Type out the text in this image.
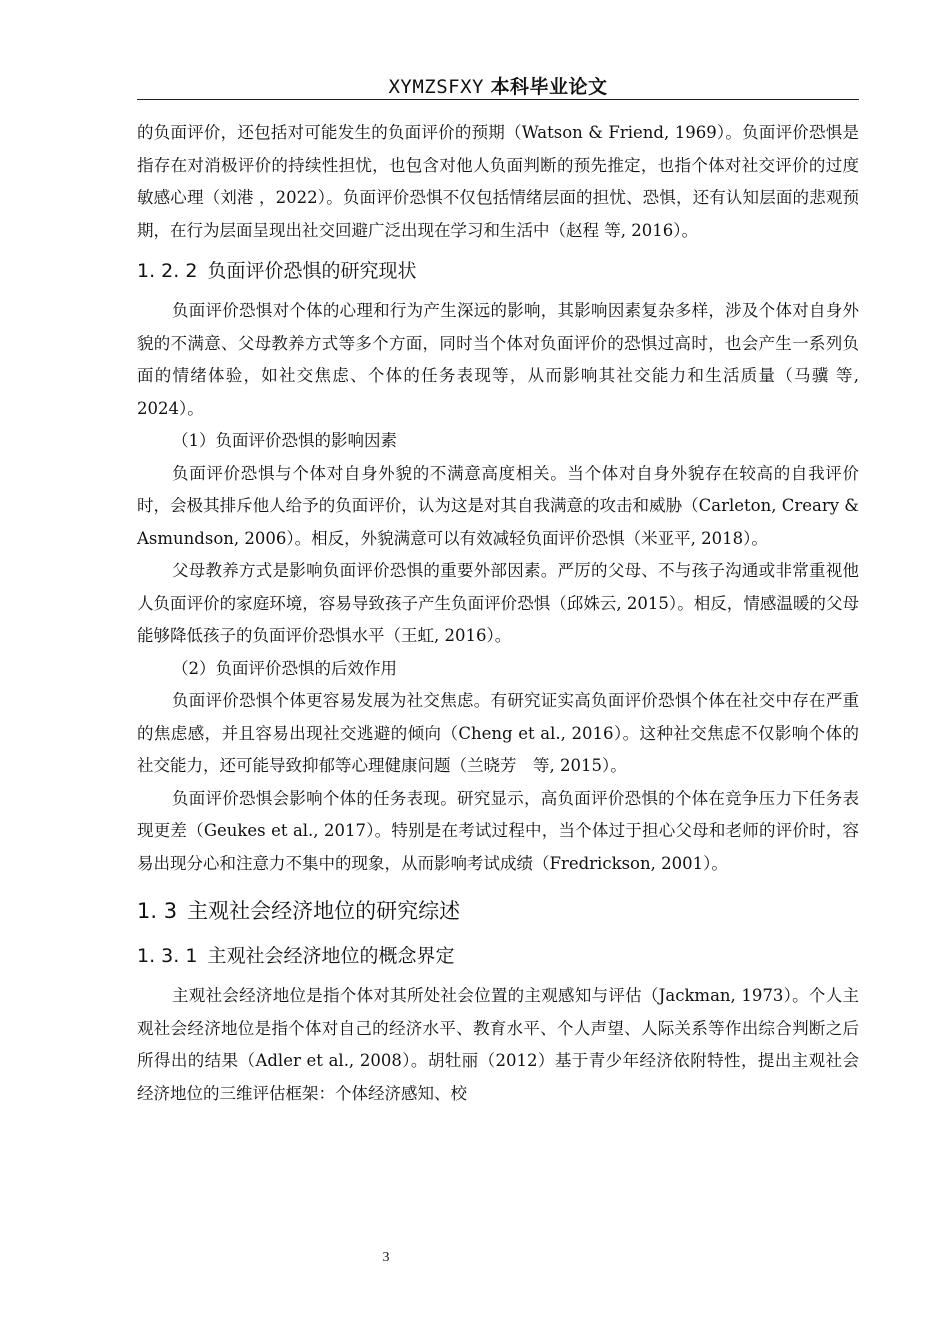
XYMZSFXY 本科毕业论文

的负面评价，还包括对可能发生的负面评价的预期（Watson & Friend, 1969）。负面评价恐惧是指存在对消极评价的持续性担忧，也包含对他人负面判断的预先推定，也指个体对社交评价的过度敏感心理（刘港 ，2022）。负面评价恐惧不仅包括情绪层面的担忧、恐惧，还有认知层面的悲观预期，在行为层面呈现出社交回避广泛出现在学习和生活中（赵程 等, 2016）。

1. 2. 2 负面评价恐惧的研究现状

负面评价恐惧对个体的心理和行为产生深远的影响，其影响因素复杂多样，涉及个体对自身外貌的不满意、父母教养方式等多个方面，同时当个体对负面评价的恐惧过高时，也会产生一系列负面的情绪体验，如社交焦虑、个体的任务表现等，从而影响其社交能力和生活质量（马骥 等, 2024）。

（1）负面评价恐惧的影响因素

负面评价恐惧与个体对自身外貌的不满意高度相关。当个体对自身外貌存在较高的自我评价时，会极其排斥他人给予的负面评价，认为这是对其自我满意的攻击和威胁（Carleton, Creary & Asmundson, 2006）。相反，外貌满意可以有效减轻负面评价恐惧（米亚平, 2018）。

父母教养方式是影响负面评价恐惧的重要外部因素。严厉的父母、不与孩子沟通或非常重视他人负面评价的家庭环境，容易导致孩子产生负面评价恐惧（邱姝云, 2015）。相反，情感温暖的父母能够降低孩子的负面评价恐惧水平（王虹, 2016）。

（2）负面评价恐惧的后效作用

负面评价恐惧个体更容易发展为社交焦虑。有研究证实高负面评价恐惧个体在社交中存在严重的焦虑感，并且容易出现社交逃避的倾向（Cheng et al., 2016）。这种社交焦虑不仅影响个体的社交能力，还可能导致抑郁等心理健康问题（兰晓芳　等, 2015）。

负面评价恐惧会影响个体的任务表现。研究显示，高负面评价恐惧的个体在竞争压力下任务表现更差（Geukes et al., 2017）。特别是在考试过程中，当个体过于担心父母和老师的评价时，容易出现分心和注意力不集中的现象，从而影响考试成绩（Fredrickson, 2001）。

1. 3 主观社会经济地位的研究综述
1. 3. 1 主观社会经济地位的概念界定

主观社会经济地位是指个体对其所处社会位置的主观感知与评估（Jackman, 1973）。个人主观社会经济地位是指个体对自己的经济水平、教育水平、个人声望、人际关系等作出综合判断之后所得出的结果（Adler et al., 2008）。胡牡丽（2012）基于青少年经济依附特性，提出主观社会经济地位的三维评估框架：个体经济感知、校

3
